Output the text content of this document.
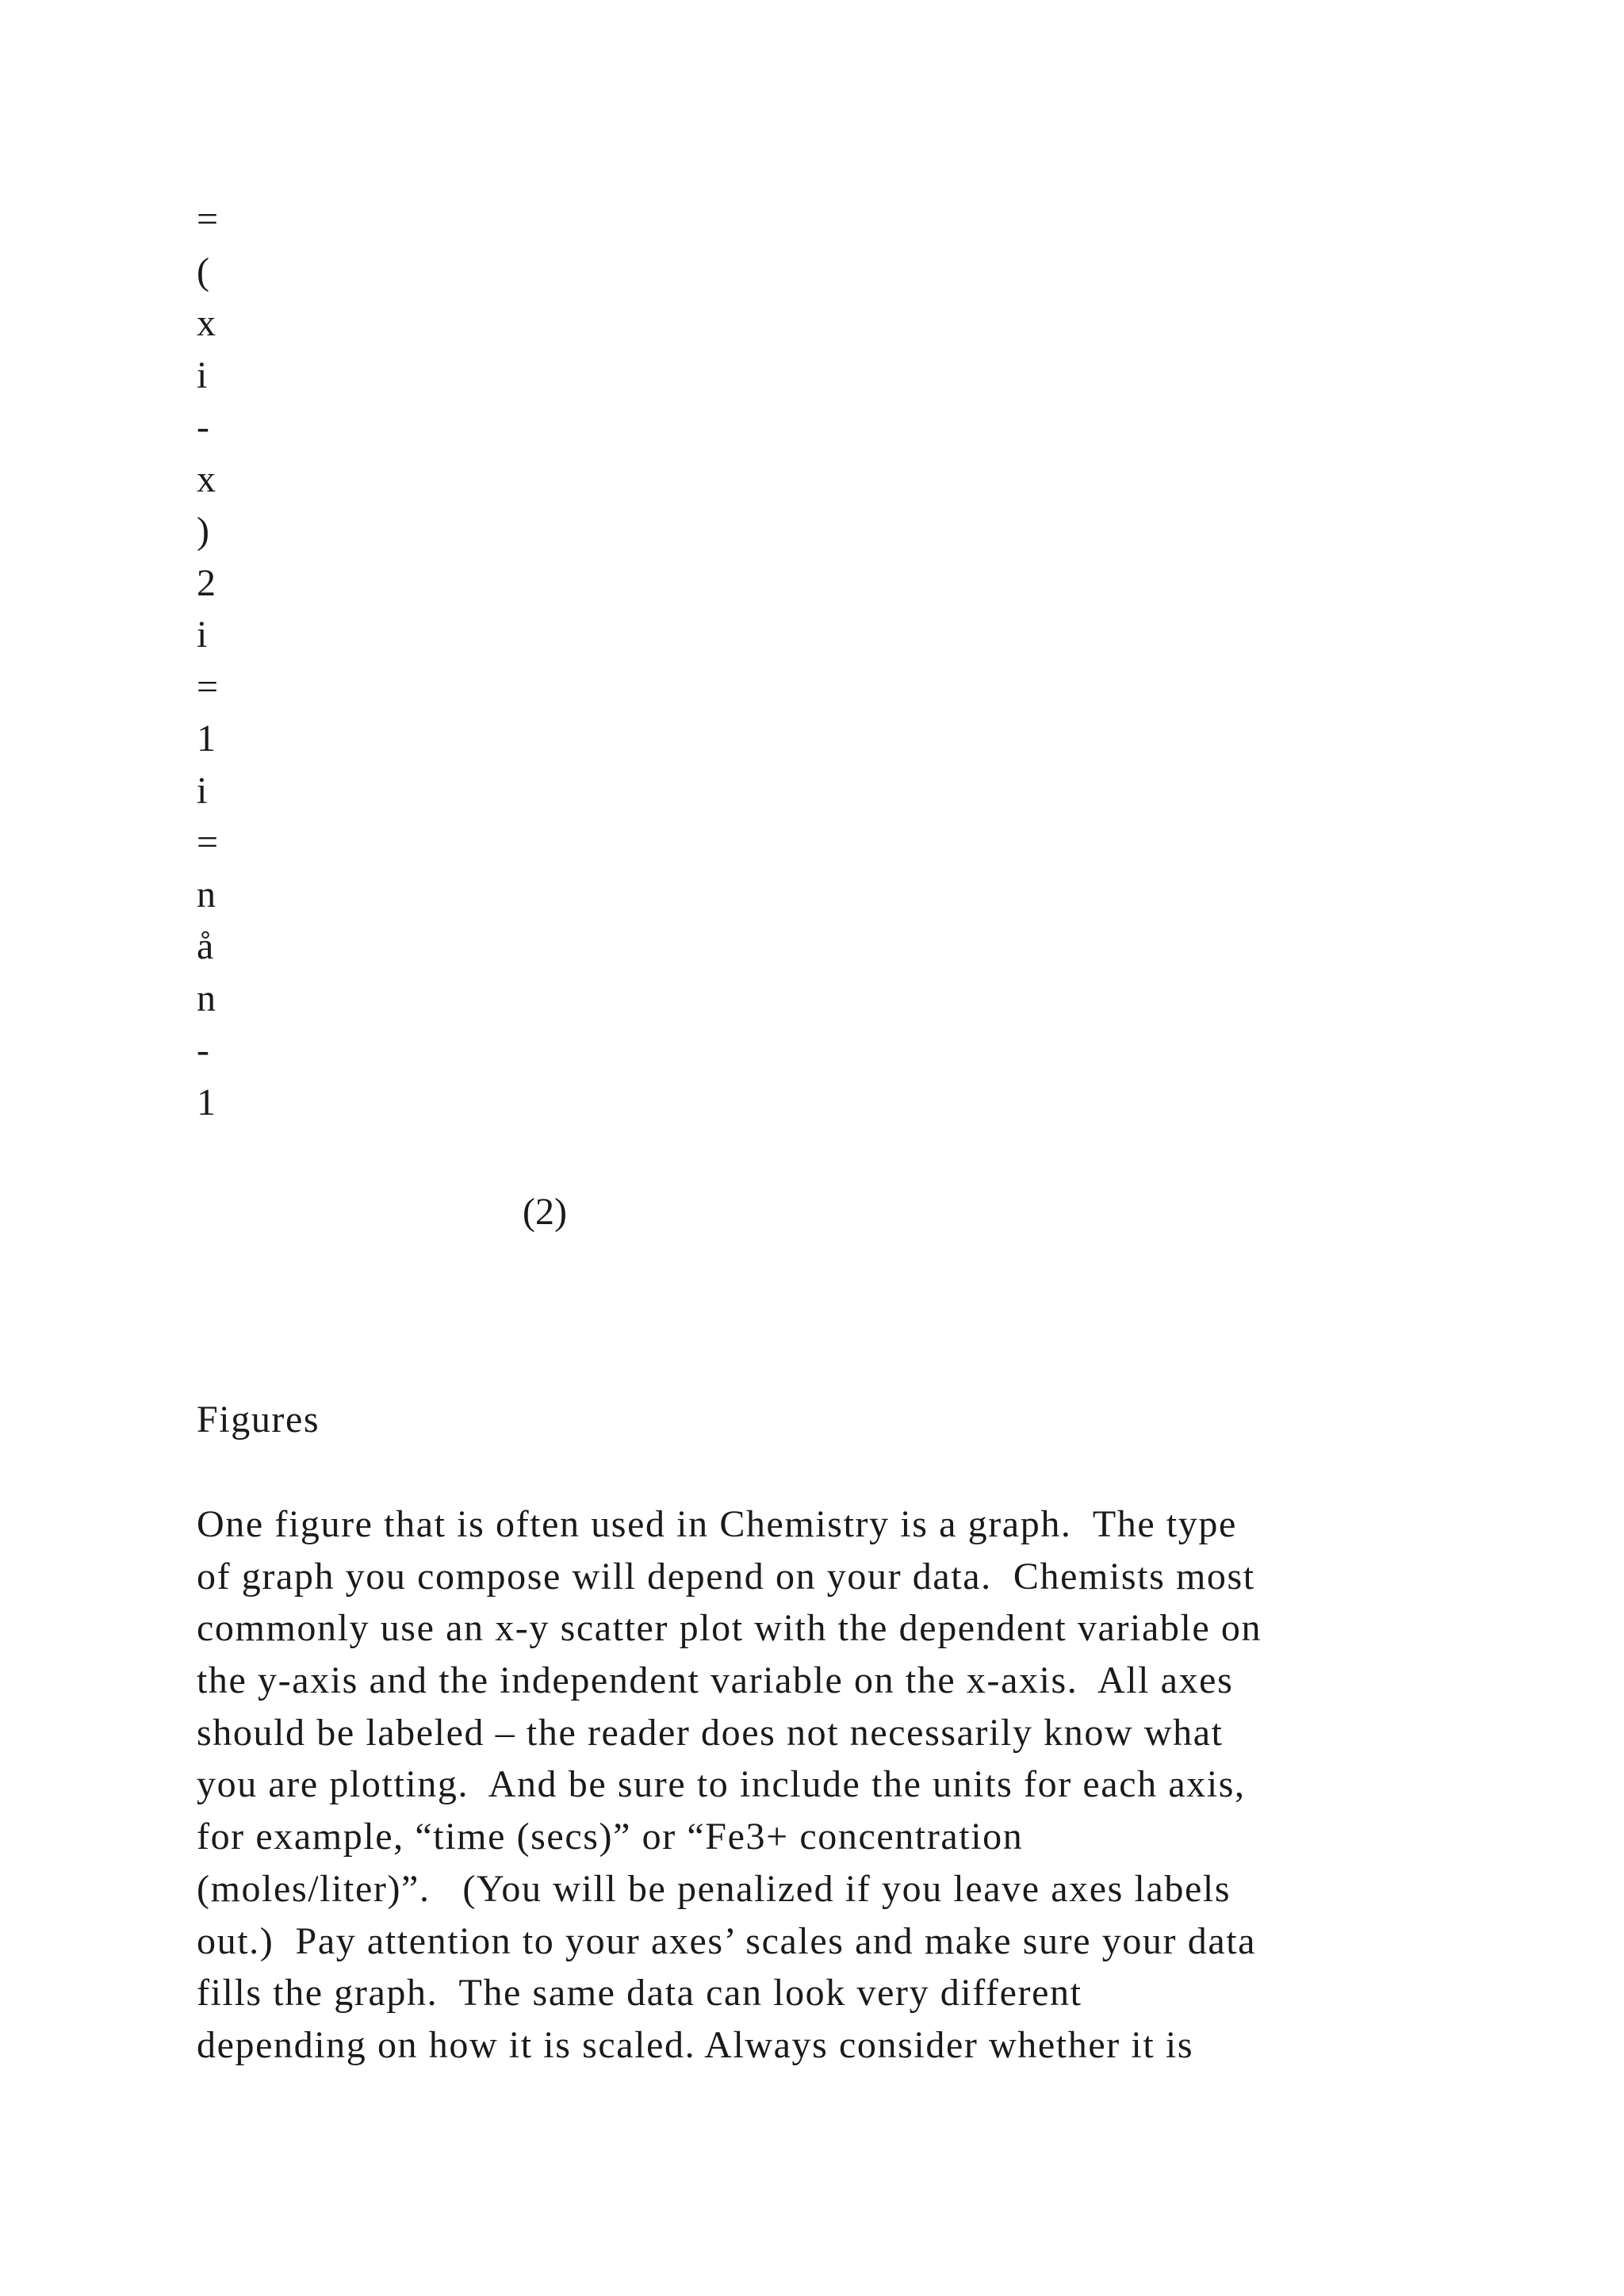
=
(
x
i
-
x
)
2
i
=
1
i
=
n
å
n
-
1
(2)
Figures
One figure that is often used in Chemistry is a graph.  The type
of graph you compose will depend on your data.  Chemists most
commonly use an x-y scatter plot with the dependent variable on
the y-axis and the independent variable on the x-axis.  All axes
should be labeled – the reader does not necessarily know what
you are plotting.  And be sure to include the units for each axis,
for example, “time (secs)” or “Fe3+ concentration
(moles/liter)”.   (You will be penalized if you leave axes labels
out.)  Pay attention to your axes’ scales and make sure your data
fills the graph.  The same data can look very different
depending on how it is scaled. Always consider whether it is
